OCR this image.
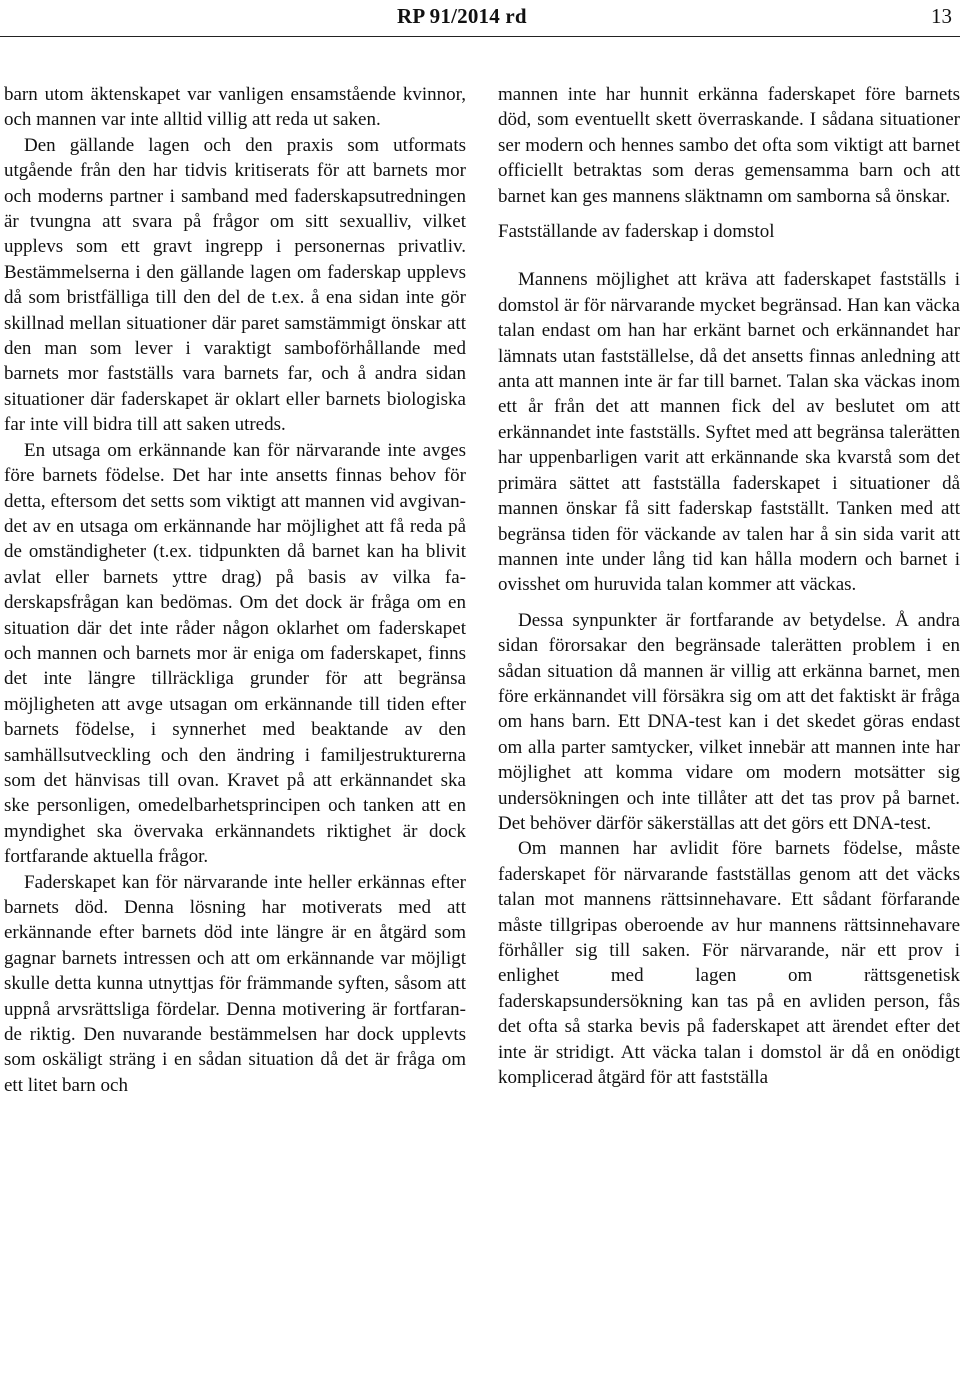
RP 91/2014 rd	13

barn utom äktenskapet var vanligen ensamstående kvinnor, och mannen var inte alltid villig att reda ut saken.

Den gällande lagen och den praxis som utformats utgående från den har tidvis kritiserats för att barnets mor och moderns partner i samband med faderskapsutredningen är tvungna att svara på frågor om sitt sexualliv, vilket upplevs som ett gravt ingrepp i personernas privatliv. Bestämmelserna i den gällande lagen om faderskap upplevs då som bristfälliga till den del de t.ex. å ena sidan inte gör skillnad mellan situationer där paret samstämmigt önskar att den man som lever i varaktigt samboförhållande med barnets mor fastställs vara barnets far, och å andra sidan situationer där faderskapet är oklart eller barnets biologiska far inte vill bidra till att saken utreds.

En utsaga om erkännande kan för närvarande inte avges före barnets födelse. Det har inte ansetts finnas behov för detta, eftersom det setts som viktigt att mannen vid avgivandet av en utsaga om erkännande har möjlighet att få reda på de omständigheter (t.ex. tidpunkten då barnet kan ha blivit avlat eller barnets yttre drag) på basis av vilka faderskapsfrågan kan bedömas. Om det dock är fråga om en situation där det inte råder någon oklarhet om faderskapet och mannen och barnets mor är eniga om faderskapet, finns det inte längre tillräckliga grunder för att begränsa möjligheten att avge utsagan om erkännande till tiden efter barnets födelse, i synnerhet med beaktande av den samhällsutveckling och den ändring i familjestrukturerna som det hänvisas till ovan. Kravet på att erkännandet ska ske personligen, omedelbarhetsprincipen och tanken att en myndighet ska övervaka erkännandets riktighet är dock fortfarande aktuella frågor.

Faderskapet kan för närvarande inte heller erkännas efter barnets död. Denna lösning har motiverats med att erkännande efter barnets död inte längre är en åtgärd som gagnar barnets intressen och att om erkännande var möjligt skulle detta kunna utnyttjas för främmande syften, såsom att uppnå arvsrättsliga fördelar. Denna motivering är fortfarande riktig. Den nuvarande bestämmelsen har dock upplevts som oskäligt sträng i en sådan situation då det är fråga om ett litet barn och

mannen inte har hunnit erkänna faderskapet före barnets död, som eventuellt skett överraskande. I sådana situationer ser modern och hennes sambo det ofta som viktigt att barnet officiellt betraktas som deras gemensamma barn och att barnet kan ges mannens släktnamn om samborna så önskar.

Fastställande av faderskap i domstol

Mannens möjlighet att kräva att faderskapet fastställs i domstol är för närvarande mycket begränsad. Han kan väcka talan endast om han har erkänt barnet och erkännandet har lämnats utan fastställelse, då det ansetts finnas anledning att anta att mannen inte är far till barnet. Talan ska väckas inom ett år från det att mannen fick del av beslutet om att erkännandet inte fastställs. Syftet med att begränsa talerätten har uppenbarligen varit att erkännande ska kvarstå som det primära sättet att fastställa faderskapet i situationer då mannen önskar få sitt faderskap fastställt. Tanken med att begränsa tiden för väckande av talen har å sin sida varit att mannen inte under lång tid kan hålla modern och barnet i ovisshet om huruvida talan kommer att väckas.

Dessa synpunkter är fortfarande av betydelse. Å andra sidan förorsakar den begränsade talerätten problem i en sådan situation då mannen är villig att erkänna barnet, men före erkännandet vill försäkra sig om att det faktiskt är fråga om hans barn. Ett DNA-test kan i det skedet göras endast om alla parter samtycker, vilket innebär att mannen inte har möjlighet att komma vidare om modern motsätter sig undersökningen och inte tillåter att det tas prov på barnet. Det behöver därför säkerställas att det görs ett DNA-test.

Om mannen har avlidit före barnets födelse, måste faderskapet för närvarande fastställas genom att det väcks talan mot mannens rättsinnehavare. Ett sådant förfarande måste tillgripas oberoende av hur mannens rättsinnehavare förhåller sig till saken. För närvarande, när ett prov i enlighet med lagen om rättsgenetisk faderskapsundersökning kan tas på en avliden person, fås det ofta så starka bevis på faderskapet att ärendet efter det inte är stridigt. Att väcka talan i domstol är då en onödigt komplicerad åtgärd för att fastställa
